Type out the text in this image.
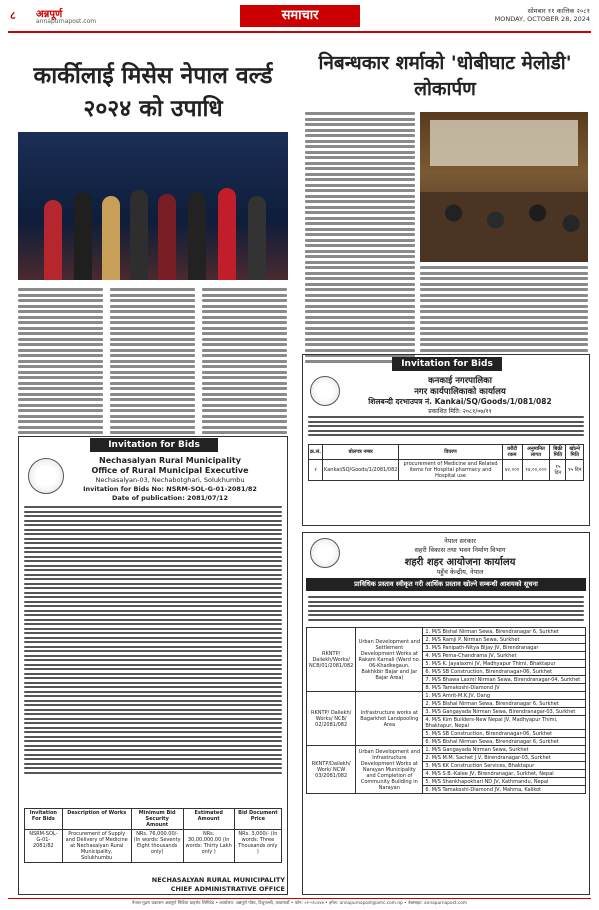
८ अन्नपूर्ण
annapurnapost.com	समाचार	सोमबार ११ कात्तिक २०८१
MONDAY, OCTOBER 28, 2024
कार्कीलाई मिसेस नेपाल वर्ल्ड २०२४ को उपाधि
निबन्धकार शर्माको 'धोबीघाट मेलोडी' लोकार्पण
Invitation for Bids
Nechasalyan Rural Municipality
Office of Rural Municipal Executive
Nechasalyan-03, Nechabotghari, Solukhumbu
Invitation for Bids No: NSRM-SOL-G-01-2081/82
Date of publication: 2081/07/12
Invitation For Bids	Description of Works	Minimum Bid Security Amount	Estimated Amount	Bid Document Price
NSRM-SOL-G-01-2081/82	Procurement of Supply and Delivery of Medicine at Nechasalyan Rural Municipality, Solukhumbu	NRs. 76,000.00/- (In words: Seventy Eight thousands only)	NRs. 30,00,000.00 (In words: Thirty Lakh only )	NRs. 3,000/- (In words: Three Thousands only )
NECHASALYAN RURAL MUNICIPALITY
CHIEF ADMINISTRATIVE OFFICE
Invitation for Bids
कनकाई नगरपालिका
नगर कार्यपालिकाको कार्यालय
शिलबन्दी दरभाउपत्र नं. Kankai/SQ/Goods/1/081/082
प्रकाशित मिति: २०८१/०७/११
क्र.सं.	बोलपत्र नम्बर	विवरण	धरौटी रकम	अनुमानित लागत	बिक्री मिति	खोल्ने मिति
१	Kankai/SQ/Goods/1/2081/082	procurement of Medicine and Related items for Hospital pharmacy and Hospital use	४२,०००	१४,००,०००	१५ दिन	१५ दिन
नेपाल सरकार
सहरी विकास तथा भवन निर्माण विभाग
शहरी शहर आयोजना कार्यालय
पहुँच केन्द्रीय, नेपाल
प्राविधिक प्रस्ताव स्वीकृत गरी आर्थिक प्रस्ताव खोल्ने सम्बन्धी आशयको सूचना
RKNTP/ Dailekh/Works/ NCB/01/2081/082	Urban Development and Settlement Development Works at Rakam Karnali (Ward no. 06-Khadkegaun, Bakhkbir Bajar and Jar Bajar Area)	1. M/S Bishal Nirman Sewa, Birendranagar 6, Surkhet
		2. M/S Ramji P. Nirman Sewa, Surkhet
		3. M/S Panipath-Nitya Bijay JV, Birendranagar
		4. M/S Pema-Chandrama JV, Surkhet
		5. M/S K. Jayalaxmi JV, Madhyapur Thimi, Bhaktapur
		6. M/S SB Construction, Birendranagar-06, Surkhet
		7. M/S Bhawa Laxmi Nirman Sewa, Birendranagar-04, Surkhet
		8. M/S Tamakoshi-Diamond JV
RKNTP/ Dailekh/ Works/ NCB/ 02/2081/082	Infrastructure works at Bagarkhot Landpooling Area	1. M/S Amrit-M.K.JV, Dang
		2. M/S Bishal Nirman Sewa, Birendranagar 6, Surkhet
		3. M/S Gangayada Nirman Sewa, Birendranagar-03, Surkhet
		4. M/S Kim Builders-New Nepal JV, Madhyapur Thimi, Bhaktapur, Nepal
		5. M/S SB Construction, Birendranagar-06, Surkhet
		6. M/S Bishal Nirman Sewa, Birendranagar 6, Surkhet
RKNTP/Dailekh/ Work/ NCW 03/2081/082	Urban Development and Infrastructure Development Works at Narayan Municipality and Completion of Community Building in Narayan	1. M/S Gangayada Nirman Sewa, Surkhet
		2. M/S M.M. Sachet J V, Birendranagar-03, Surkhet
		3. M/S KK Construction Services, Bhaktapur
		4. M/S S.B.-Kalee JV, Birendranagar, Surkhet, Nepal
		5. M/S Shankhapokhari ND JV, Kathmandu, Nepal
		6. M/S Tamakoshi-Diamond JV, Mahma, Kalikot
नेपाल मुद्रण प्रकाशन अन्नपूर्ण मिडिया प्राइभेट लिमिटेड • कार्यालय: अन्नपूर्ण पोस्ट, टिचुगल्ली, काठमाडौं • फोन: ०१-५१८४४४ • इमेल: annapurnapost@amc.com.np • वेबसाइट: annapurnapost.com
